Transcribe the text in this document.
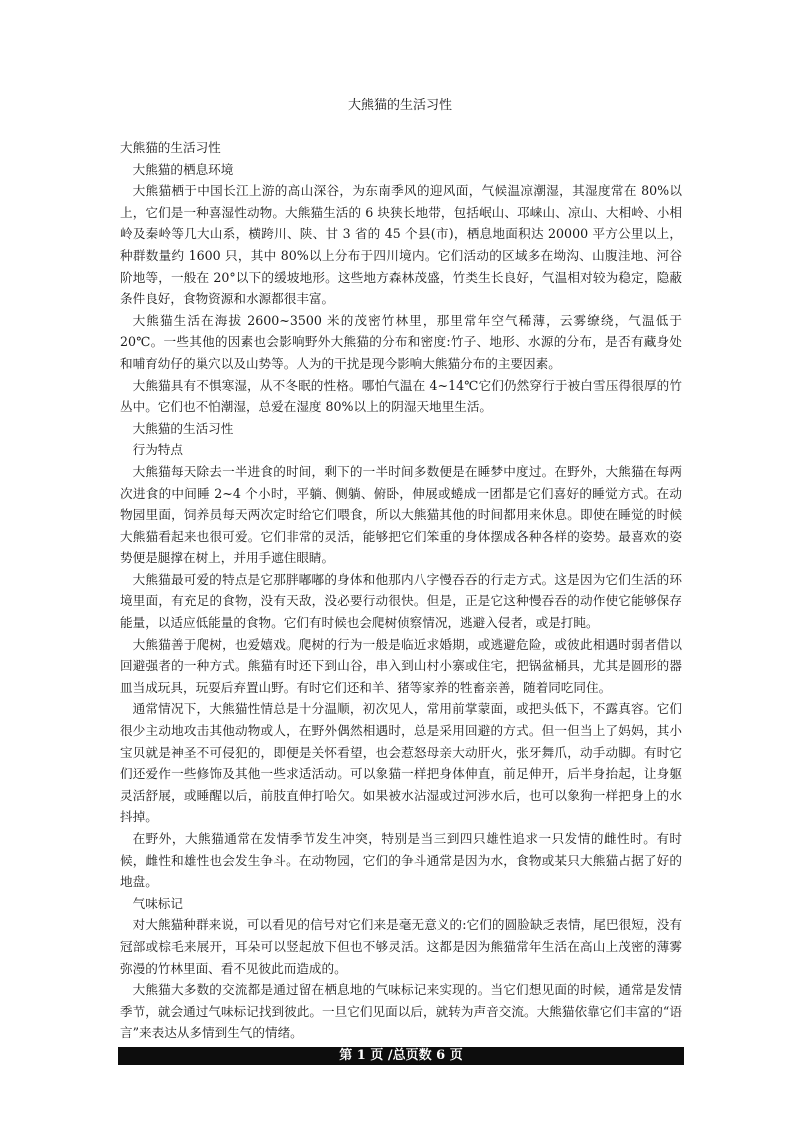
大熊猫的生活习性

大熊猫的生活习性

大熊猫的栖息环境

大熊猫栖于中国长江上游的高山深谷，为东南季风的迎风面，气候温凉潮湿，其湿度常在 80%以上，它们是一种喜湿性动物。大熊猫生活的 6 块狭长地带，包括岷山、邛崃山、凉山、大相岭、小相岭及秦岭等几大山系，横跨川、陕、甘 3 省的 45 个县(市)，栖息地面积达 20000 平方公里以上，种群数量约 1600 只，其中 80%以上分布于四川境内。它们活动的区域多在坳沟、山腹洼地、河谷阶地等，一般在 20°以下的缓坡地形。这些地方森林茂盛，竹类生长良好，气温相对较为稳定，隐蔽条件良好，食物资源和水源都很丰富。

大熊猫生活在海拔 2600~3500 米的茂密竹林里，那里常年空气稀薄，云雾缭绕，气温低于20℃。一些其他的因素也会影响野外大熊猫的分布和密度:竹子、地形、水源的分布，是否有藏身处和哺育幼仔的巢穴以及山势等。人为的干扰是现今影响大熊猫分布的主要因素。

大熊猫具有不惧寒湿，从不冬眠的性格。哪怕气温在 4~14℃它们仍然穿行于被白雪压得很厚的竹丛中。它们也不怕潮湿，总爱在湿度 80%以上的阴湿天地里生活。

大熊猫的生活习性

行为特点

大熊猫每天除去一半进食的时间，剩下的一半时间多数便是在睡梦中度过。在野外，大熊猫在每两次进食的中间睡 2~4 个小时，平躺、侧躺、俯卧，伸展或蜷成一团都是它们喜好的睡觉方式。在动物园里面，饲养员每天两次定时给它们喂食，所以大熊猫其他的时间都用来休息。即使在睡觉的时候大熊猫看起来也很可爱。它们非常的灵活，能够把它们笨重的身体摆成各种各样的姿势。最喜欢的姿势便是腿撑在树上，并用手遮住眼睛。

大熊猫最可爱的特点是它那胖嘟嘟的身体和他那内八字慢吞吞的行走方式。这是因为它们生活的环境里面，有充足的食物，没有天敌，没必要行动很快。但是，正是它这种慢吞吞的动作使它能够保存能量，以适应低能量的食物。它们有时候也会爬树侦察情况，逃避入侵者，或是打盹。

大熊猫善于爬树，也爱嬉戏。爬树的行为一般是临近求婚期，或逃避危险，或彼此相遇时弱者借以回避强者的一种方式。熊猫有时还下到山谷，串入到山村小寨或住宅，把锅盆桶具，尤其是圆形的器皿当成玩具，玩耍后弃置山野。有时它们还和羊、猪等家养的牲畜亲善，随着同吃同住。

通常情况下，大熊猫性情总是十分温顺，初次见人，常用前掌蒙面，或把头低下，不露真容。它们很少主动地攻击其他动物或人，在野外偶然相遇时，总是采用回避的方式。但一但当上了妈妈，其小宝贝就是神圣不可侵犯的，即便是关怀看望，也会惹怒母亲大动肝火，张牙舞爪，动手动脚。有时它们还爱作一些修饰及其他一些求适活动。可以象猫一样把身体伸直，前足伸开，后半身抬起，让身躯灵活舒展，或睡醒以后，前肢直伸打哈欠。如果被水沾湿或过河涉水后，也可以象狗一样把身上的水抖掉。

在野外，大熊猫通常在发情季节发生冲突，特别是当三到四只雄性追求一只发情的雌性时。有时候，雌性和雄性也会发生争斗。在动物园，它们的争斗通常是因为水，食物或某只大熊猫占据了好的地盘。

气味标记

对大熊猫种群来说，可以看见的信号对它们来是毫无意义的:它们的圆脸缺乏表情，尾巴很短，没有冠部或棕毛来展开，耳朵可以竖起放下但也不够灵活。这都是因为熊猫常年生活在高山上茂密的薄雾弥漫的竹林里面、看不见彼此而造成的。

大熊猫大多数的交流都是通过留在栖息地的气味标记来实现的。当它们想见面的时候，通常是发情季节，就会通过气味标记找到彼此。一旦它们见面以后，就转为声音交流。大熊猫依靠它们丰富的“语言”来表达从多情到生气的情绪。

第 1 页 /总页数 6 页
